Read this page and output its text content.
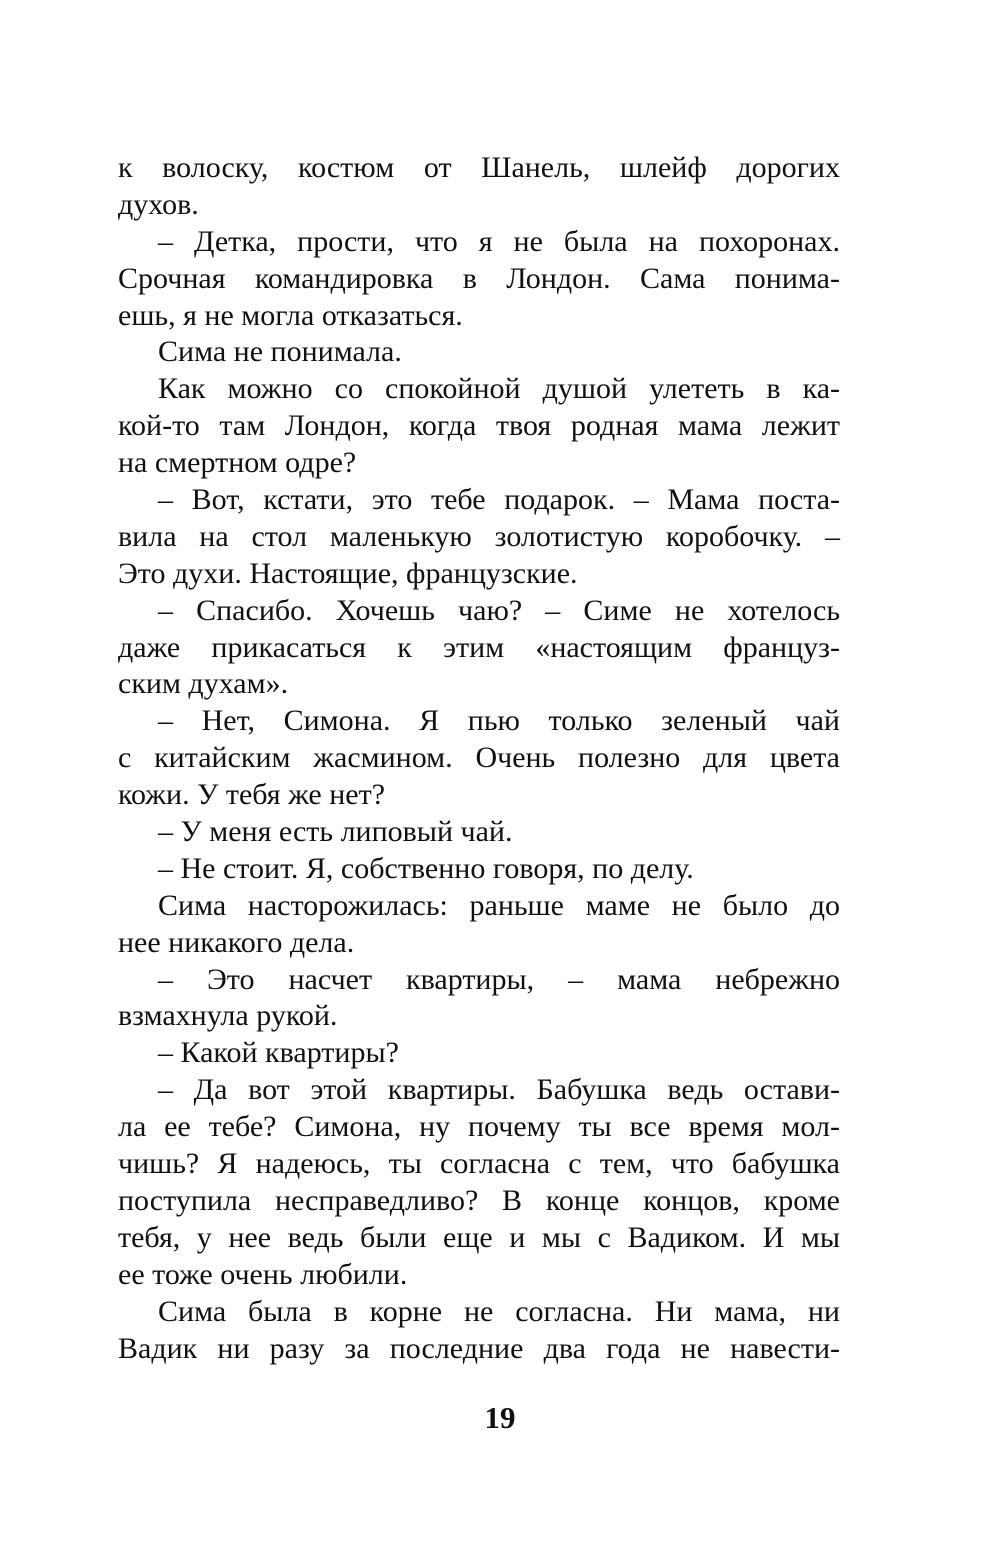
к волоску, костюм от Шанель, шлейф дорогих
духов.
– Детка, прости, что я не была на похоронах.
Срочная командировка в Лондон. Сама понима-
ешь, я не могла отказаться.
Сима не понимала.
Как можно со спокойной душой улететь в ка-
кой-то там Лондон, когда твоя родная мама лежит
на смертном одре?
– Вот, кстати, это тебе подарок. – Мама поста-
вила на стол маленькую золотистую коробочку. –
Это духи. Настоящие, французские.
– Спасибо. Хочешь чаю? – Симе не хотелось
даже прикасаться к этим «настоящим француз-
ским духам».
– Нет, Симона. Я пью только зеленый чай
с китайским жасмином. Очень полезно для цвета
кожи. У тебя же нет?
– У меня есть липовый чай.
– Не стоит. Я, собственно говоря, по делу.
Сима насторожилась: раньше маме не было до
нее никакого дела.
– Это насчет квартиры, – мама небрежно
взмахнула рукой.
– Какой квартиры?
– Да вот этой квартиры. Бабушка ведь остави-
ла ее тебе? Симона, ну почему ты все время мол-
чишь? Я надеюсь, ты согласна с тем, что бабушка
поступила несправедливо? В конце концов, кроме
тебя, у нее ведь были еще и мы с Вадиком. И мы
ее тоже очень любили.
Сима была в корне не согласна. Ни мама, ни
Вадик ни разу за последние два года не навести-
19
